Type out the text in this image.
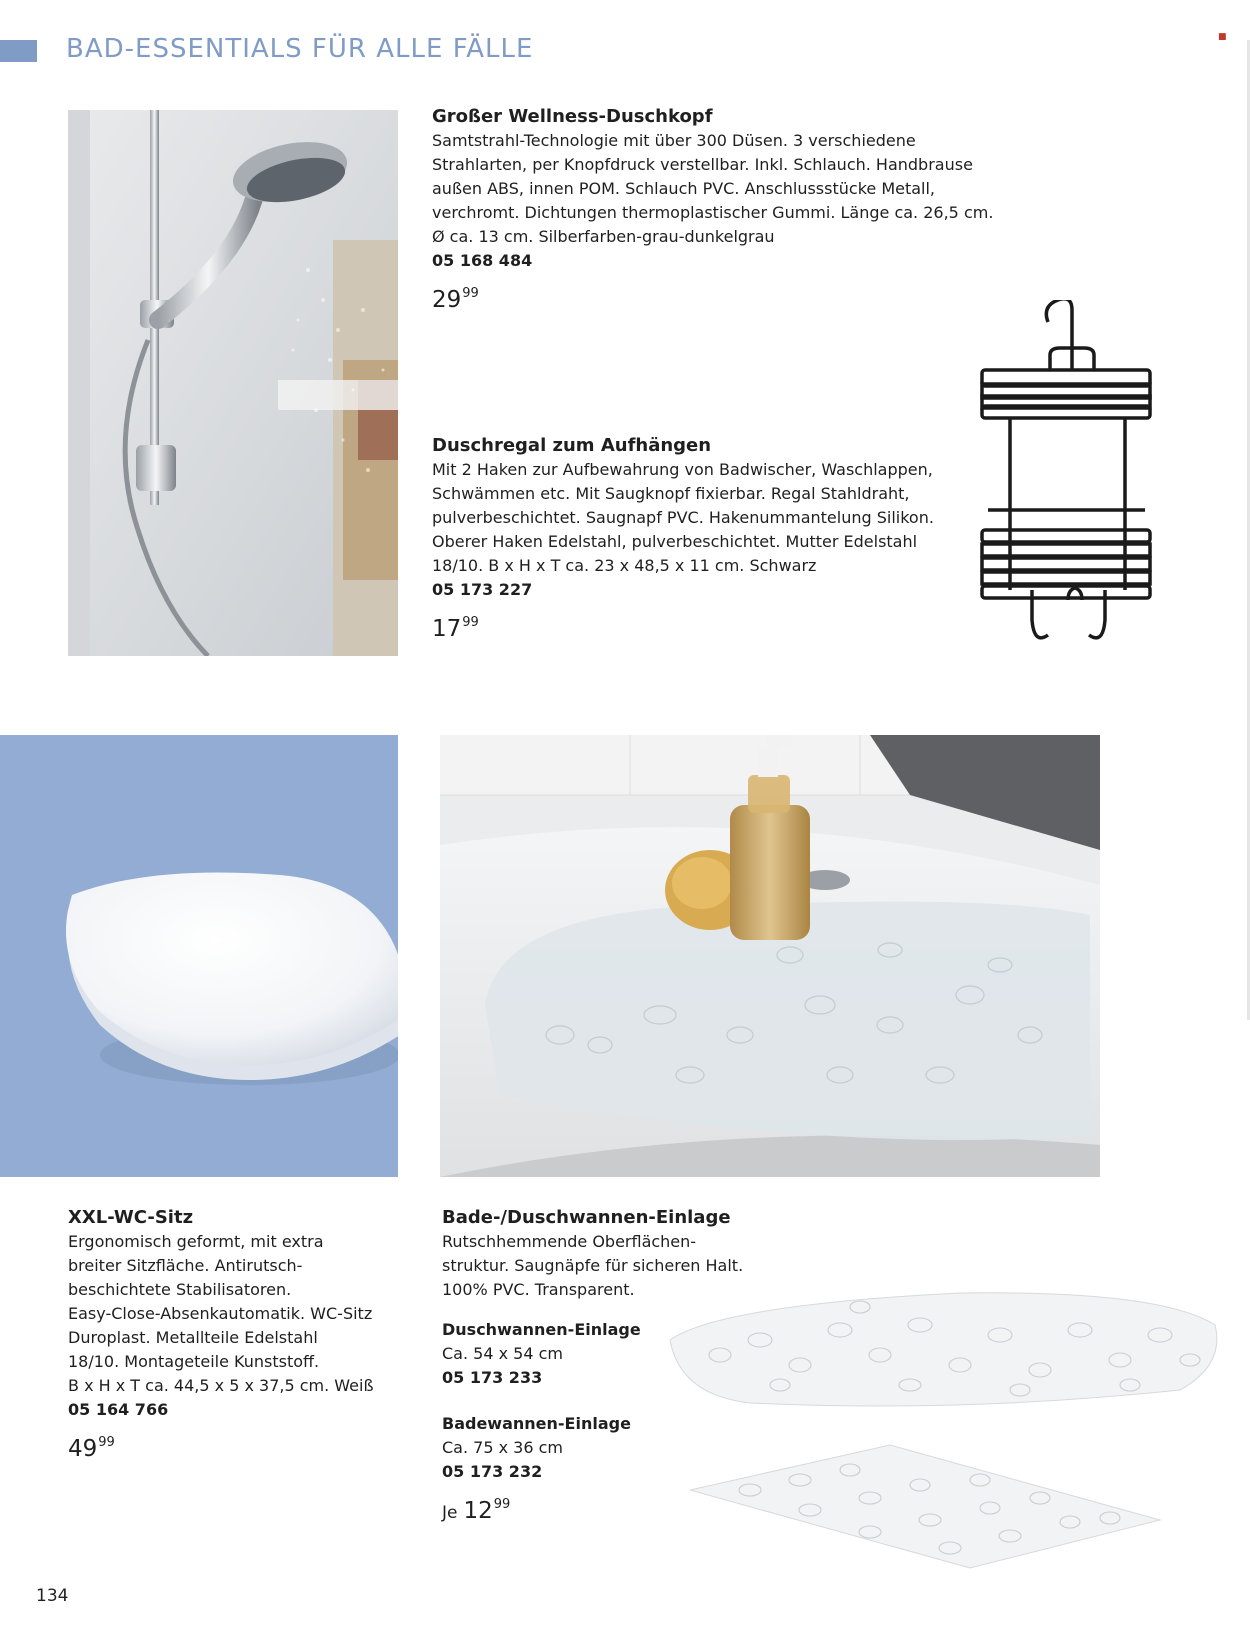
BAD-ESSENTIALS FÜR ALLE FÄLLE	■

Großer Wellness-Duschkopf

Samtstrahl-Technologie mit über 300 Düsen. 3 verschiedene

Strahlarten, per Knopfdruck verstellbar. Inkl. Schlauch. Handbrause

außen ABS, innen POM. Schlauch PVC. Anschlussstücke Metall,

verchromt. Dichtungen thermoplastischer Gummi. Länge ca. 26,5 cm.

Ø ca. 13 cm. Silberfarben-grau-dunkelgrau

05 168 484

$29^{99}$

Duschregal zum Aufhängen

Mit 2 Haken zur Aufbewahrung von Badwischer, Waschlappen,

Schwämmen etc. Mit Saugknopf fixierbar. Regal Stahldraht,

pulverbeschichtet. Saugnapf PVC. Hakenummantelung Silikon.

Oberer Haken Edelstahl, pulverbeschichtet. Mutter Edelstahl

18/10. B x H x T ca. 23 x 48,5 x 11 cm. Schwarz

05 173 227

$17^{99}$

XXL-WC-Sitz

Ergonomisch geformt, mit extra

breiter Sitzfläche. Antirutsch-

beschichtete Stabilisatoren.

Easy-Close-Absenkautomatik. WC-Sitz

Duroplast. Metallteile Edelstahl

18/10. Montageteile Kunststoff.

B x H x T ca. 44,5 x 5 x 37,5 cm. Weiß

05 164 766

$49^{99}$

Bade-/Duschwannen-Einlage

Rutschhemmende Oberflächen-

struktur. Saugnäpfe für sicheren Halt.

100% PVC. Transparent.

Duschwannen-Einlage

Ca. 54 x 54 cm

05 173 233

Badewannen-Einlage

Ca. 75 x 36 cm

05 173 232

Je $12^{99}$
134
